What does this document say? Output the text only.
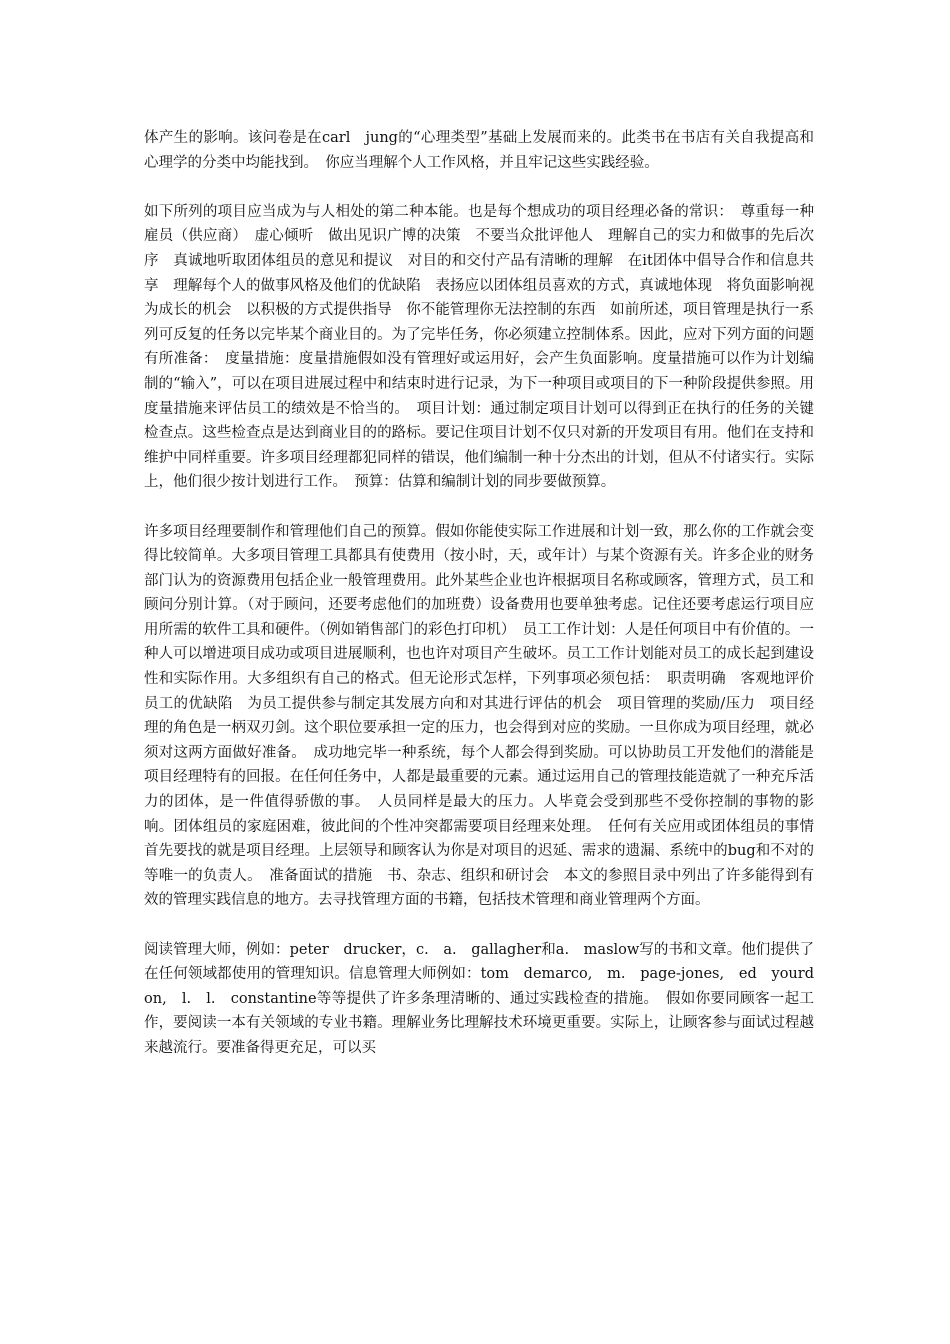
体产生的影响。该问卷是在carl　jung的“心理类型”基础上发展而来的。此类书在书店有关自我提高和心理学的分类中均能找到。　你应当理解个人工作风格，并且牢记这些实践经验。

如下所列的项目应当成为与人相处的第二种本能。也是每个想成功的项目经理必备的常识：　尊重每一种雇员（供应商）　虚心倾听　做出见识广博的决策　不要当众批评他人　理解自己的实力和做事的先后次序　真诚地听取团体组员的意见和提议　对目的和交付产品有清晰的理解　在it团体中倡导合作和信息共享　理解每个人的做事风格及他们的优缺陷　表扬应以团体组员喜欢的方式，真诚地体现　将负面影响视为成长的机会　以积极的方式提供指导　你不能管理你无法控制的东西　如前所述，项目管理是执行一系列可反复的任务以完毕某个商业目的。为了完毕任务，你必须建立控制体系。因此，应对下列方面的问题有所准备：　度量措施：度量措施假如没有管理好或运用好，会产生负面影响。度量措施可以作为计划编制的“输入”，可以在项目进展过程中和结束时进行记录，为下一种项目或项目的下一种阶段提供参照。用度量措施来评估员工的绩效是不恰当的。　项目计划：通过制定项目计划可以得到正在执行的任务的关键检查点。这些检查点是达到商业目的的路标。要记住项目计划不仅只对新的开发项目有用。他们在支持和维护中同样重要。许多项目经理都犯同样的错误，他们编制一种十分杰出的计划，但从不付诸实行。实际上，他们很少按计划进行工作。　预算：估算和编制计划的同步要做预算。

许多项目经理要制作和管理他们自己的预算。假如你能使实际工作进展和计划一致，那么你的工作就会变得比较简单。大多项目管理工具都具有使费用（按小时，天，或年计）与某个资源有关。许多企业的财务部门认为的资源费用包括企业一般管理费用。此外某些企业也许根据项目名称或顾客，管理方式，员工和顾问分别计算。（对于顾问，还要考虑他们的加班费）设备费用也要单独考虑。记住还要考虑运行项目应用所需的软件工具和硬件。（例如销售部门的彩色打印机）　员工工作计划：人是任何项目中有价值的。一种人可以增进项目成功或项目进展顺利，也也许对项目产生破坏。员工工作计划能对员工的成长起到建设性和实际作用。大多组织有自己的格式。但无论形式怎样，下列事项必须包括：　职责明确　客观地评价员工的优缺陷　为员工提供参与制定其发展方向和对其进行评估的机会　项目管理的奖励/压力　项目经理的角色是一柄双刃剑。这个职位要承担一定的压力，也会得到对应的奖励。一旦你成为项目经理，就必须对这两方面做好准备。　成功地完毕一种系统，每个人都会得到奖励。可以协助员工开发他们的潜能是项目经理特有的回报。在任何任务中，人都是最重要的元素。通过运用自己的管理技能造就了一种充斥活力的团体，是一件值得骄傲的事。　人员同样是最大的压力。人毕竟会受到那些不受你控制的事物的影响。团体组员的家庭困难，彼此间的个性冲突都需要项目经理来处理。　任何有关应用或团体组员的事情首先要找的就是项目经理。上层领导和顾客认为你是对项目的迟延、需求的遗漏、系统中的bug和不对的等唯一的负责人。　准备面试的措施　书、杂志、组织和研讨会　本文的参照目录中列出了许多能得到有效的管理实践信息的地方。去寻找管理方面的书籍，包括技术管理和商业管理两个方面。

阅读管理大师，例如：peter　drucker，c.　a.　gallagher和a.　maslow写的书和文章。他们提供了在任何领域都使用的管理知识。信息管理大师例如：tom　demarco,　m.　page-jones,　ed　yourdon,　l.　l.　constantine等等提供了许多条理清晰的、通过实践检查的措施。　假如你要同顾客一起工作，要阅读一本有关领域的专业书籍。理解业务比理解技术环境更重要。实际上，让顾客参与面试过程越来越流行。要准备得更充足，可以买
